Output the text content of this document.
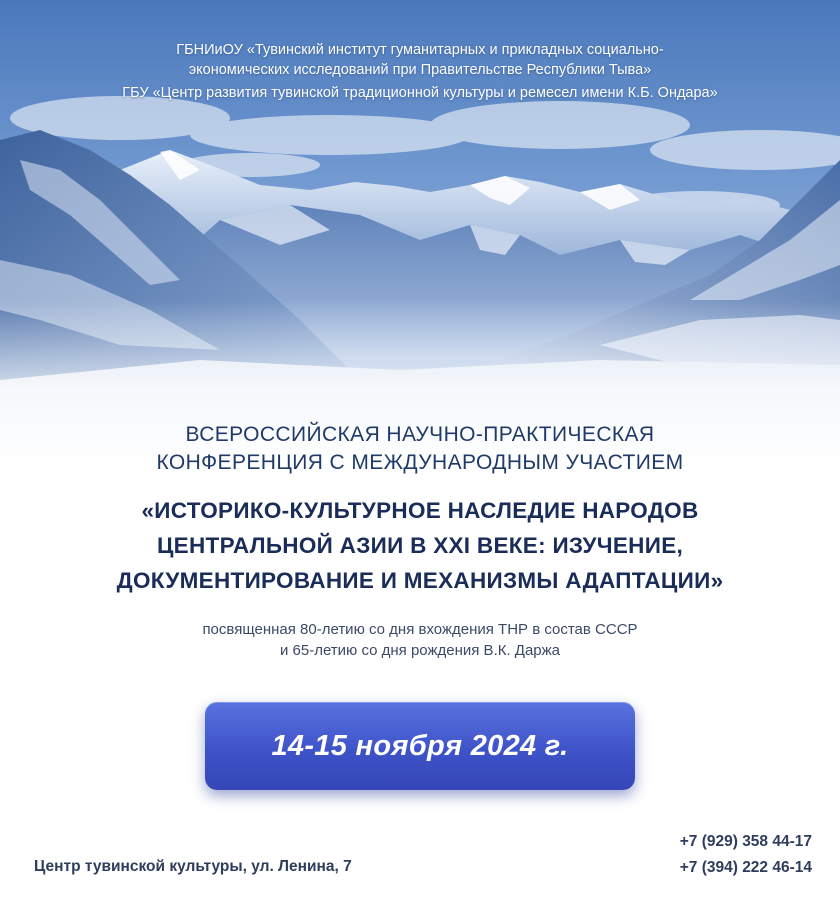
ГБНИиОУ «Тувинский институт гуманитарных и прикладных социально-
экономических исследований при Правительстве Республики Тыва»
ГБУ «Центр развития тувинской традиционной культуры и ремесел имени К.Б. Ондара»
ВСЕРОССИЙСКАЯ НАУЧНО-ПРАКТИЧЕСКАЯ
КОНФЕРЕНЦИЯ С МЕЖДУНАРОДНЫМ УЧАСТИЕМ
«ИСТОРИКО-КУЛЬТУРНОЕ НАСЛЕДИЕ НАРОДОВ
ЦЕНТРАЛЬНОЙ АЗИИ В XXI ВЕКЕ: ИЗУЧЕНИЕ,
ДОКУМЕНТИРОВАНИЕ И МЕХАНИЗМЫ АДАПТАЦИИ»
посвященная 80-летию со дня вхождения ТНР в состав СССР
и 65-летию со дня рождения В.К. Даржа
14-15 ноября 2024 г.
Центр тувинской культуры, ул. Ленина, 7
+7 (929) 358 44-17
+7 (394) 222 46-14
